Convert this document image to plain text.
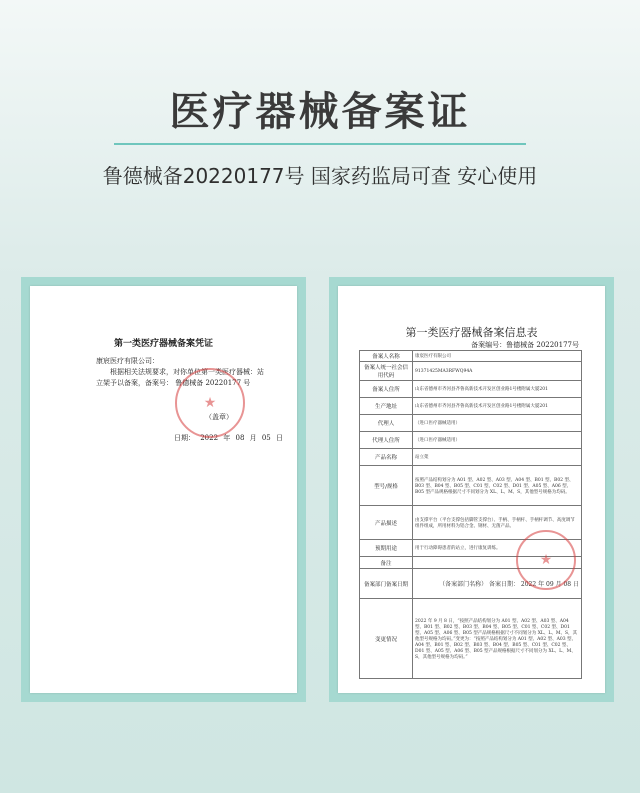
医疗器械备案证
鲁德械备20220177号 国家药监局可查 安心使用
第一类医疗器械备案凭证
康宸医疗有限公司：
根据相关法规要求，对你单位第一类医疗器械：站立架予以备案，备案号： 鲁德械备 20220177 号
（盖章）
日期： 2022 年 08 月 05 日
★
第一类医疗器械备案信息表
备案编号：鲁德械备 20220177号
备案人名称	康宸医疗有限公司
备案人统一社会信用代码	91371425MA3RFWQ94A
备案人住所	山东省德州市齐河县齐鲁高新技术开发区创业路1号楼附属大厦201
生产地址	山东省德州市齐河县齐鲁高新技术开发区创业路1号楼附属大厦201
代理人	（进口医疗器械适用）
代理人住所	（进口医疗器械适用）
产品名称	站立架
型号/规格	按照产品结构划分为 A01 型、A02 型、A03 型、A04 型、B01 型、B02 型、B03 型、B04 型、B05 型、C01 型、C02 型、D01 型、A05 型、A06 型、B05 型产品规格根据尺寸不同划分为 XL、L、M、S，其他型号规格为均码。
产品描述	由支撑平台（平台支撑包括脚管支撑台）、手柄、手柄杆、手柄杆调节、高度调节组件组成，所用材料为铝合金、钢材、无菌产品。
预期用途	用于行动障碍患者的站立，进行康复训练。
备注	
备案部门备案日期	（备案部门名称） 备案日期： 2022 年 09 月 08 日
变更情况	2022 年 9 月 8 日，“按照产品结构划分为 A01 型、A02 型、A03 型、A04 型、B01 型、B02 型、B03 型、B04 型、B05 型、C01 型、C02 型、D01 型、A05 型、A06 型、B05 型产品规格根据尺寸不同划分为 XL、L、M、S，其他型号规格为均码。”变更为：“按照产品结构划分为 A01 型、A02 型、A03 型、A04 型、B01 型、B02 型、B03 型、B04 型、B05 型、C01 型、C02 型、D01 型、A05 型、A06 型、B05 型产品规格根据尺寸不同划分为 XL、L、M、S，其他型号规格为均码。”
★
